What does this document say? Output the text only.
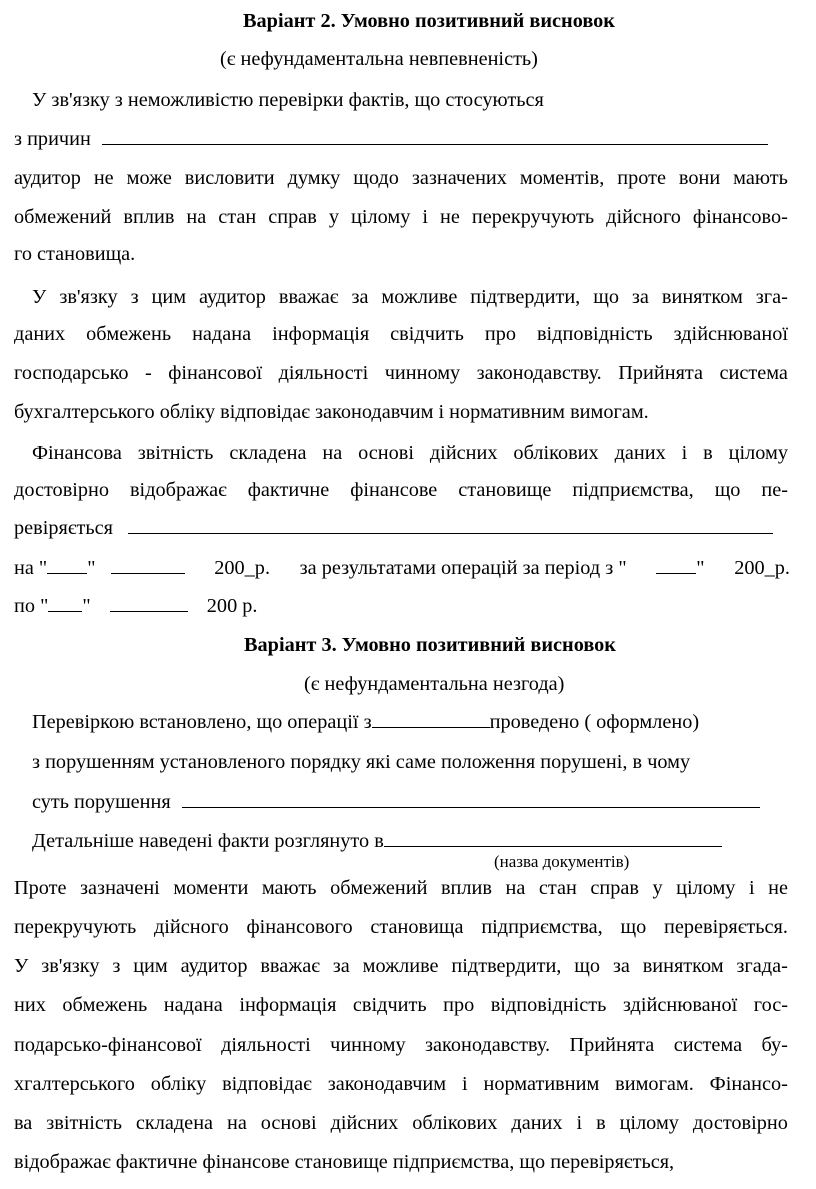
Варіант 2. Умовно позитивний висновок
(є нефундаментальна невпевненість)
У зв'язку з неможливістю перевірки фактів, що стосуються
з причин
аудитор не може висловити думку щодо зазначених моментів, проте вони мають
обмежений вплив на стан справ у цілому і не перекручують дійсного фінансово-
го становища.
У зв'язку з цим аудитор вважає за можливе підтвердити, що за винятком зга-
даних обмежень надана інформація свідчить про відповідність здійснюваної
господарсько - фінансової діяльності чинному законодавству. Прийнята система
бухгалтерського обліку відповідає законодавчим і нормативним вимогам.
Фінансова звітність складена на основі дійсних облікових даних і в цілому
достовірно відображає фактичне фінансове становище підприємства, що пе-
ревіряється
на " "	200_р. за результатами операцій за період з "	" 200_р.
по " "	200 р.
Варіант 3. Умовно позитивний висновок
(є нефундаментальна незгода)
Перевіркою встановлено, що операції з	проведено ( оформлено)
з порушенням установленого порядку які саме положення порушені, в чому
суть порушення
Детальніше наведені факти розглянуто в
(назва документів)
Проте зазначені моменти мають обмежений вплив на стан справ у цілому і не
перекручують дійсного фінансового становища підприємства, що перевіряється.
У зв'язку з цим аудитор вважає за можливе підтвердити, що за винятком згада-
них обмежень надана інформація свідчить про відповідність здійснюваної гос-
подарсько-фінансової діяльності чинному законодавству. Прийнята система бу-
хгалтерського обліку відповідає законодавчим і нормативним вимогам. Фінансо-
ва звітність складена на основі дійсних облікових даних і в цілому достовірно
відображає фактичне фінансове становище підприємства, що перевіряється,
